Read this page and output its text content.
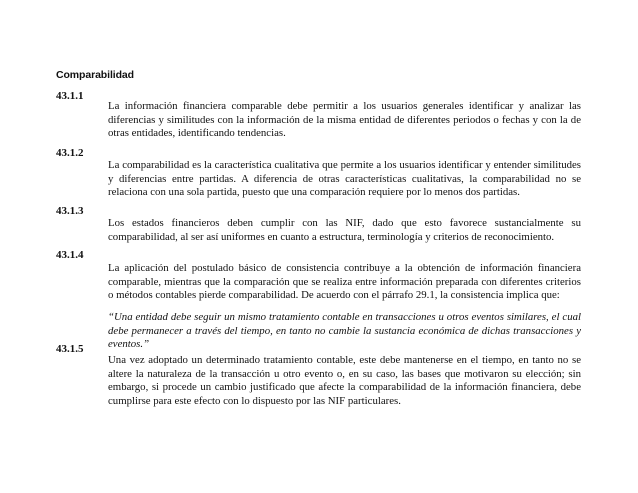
Comparabilidad
43.1.1
La información financiera comparable debe permitir a los usuarios generales identificar y analizar las diferencias y similitudes con la información de la misma entidad de diferentes periodos o fechas y con la de otras entidades, identificando tendencias.
43.1.2
La comparabilidad es la característica cualitativa que permite a los usuarios identificar y entender similitudes y diferencias entre partidas. A diferencia de otras características cualitativas, la comparabilidad no se relaciona con una sola partida, puesto que una comparación requiere por lo menos dos partidas.
43.1.3
Los estados financieros deben cumplir con las NIF, dado que esto favorece sustancialmente su comparabilidad, al ser así uniformes en cuanto a estructura, terminología y criterios de reconocimiento.
43.1.4
La aplicación del postulado básico de consistencia contribuye a la obtención de información financiera comparable, mientras que la comparación que se realiza entre información preparada con diferentes criterios o métodos contables pierde comparabilidad. De acuerdo con el párrafo 29.1, la consistencia implica que:
“Una entidad debe seguir un mismo tratamiento contable en transacciones u otros eventos similares, el cual debe permanecer a través del tiempo, en tanto no cambie la sustancia económica de dichas transacciones y eventos.”
43.1.5
Una vez adoptado un determinado tratamiento contable, este debe mantenerse en el tiempo, en tanto no se altere la naturaleza de la transacción u otro evento o, en su caso, las bases que motivaron su elección; sin embargo, si procede un cambio justificado que afecte la comparabilidad de la información financiera, debe cumplirse para este efecto con lo dispuesto por las NIF particulares.
